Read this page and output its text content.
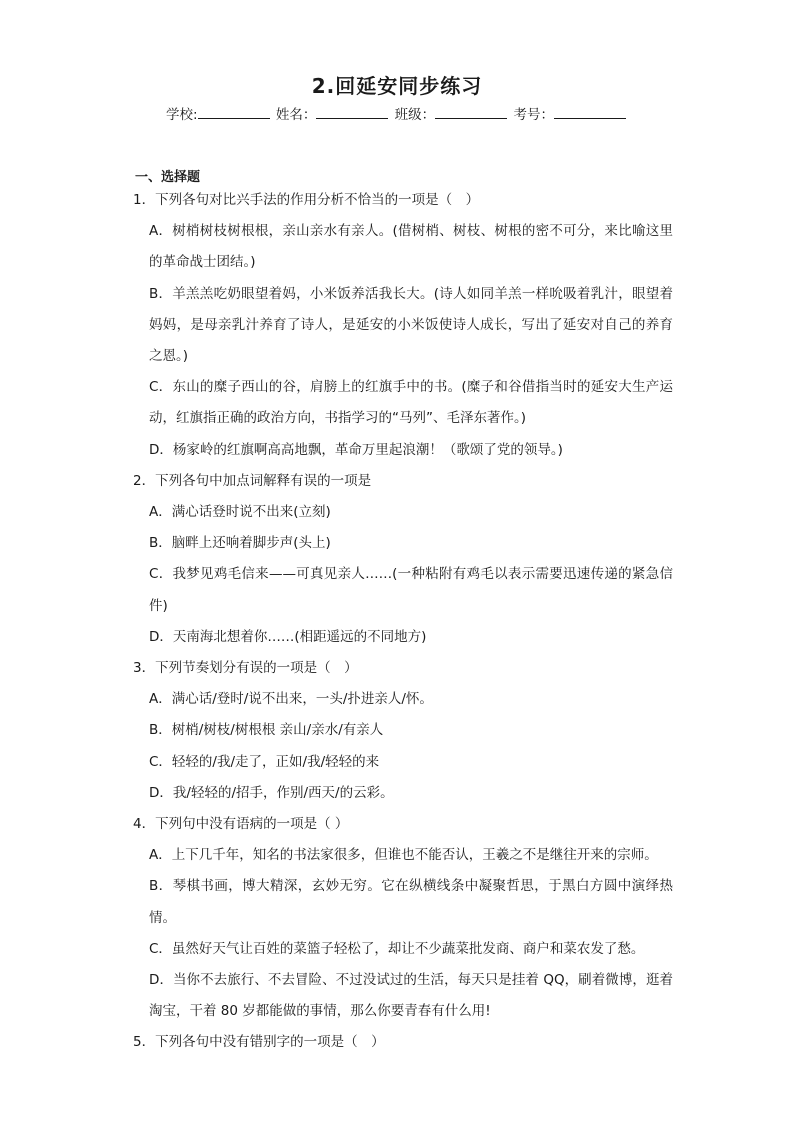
2.回延安同步练习
学校:	姓名：	班级：	考号：
一、选择题

1．下列各句对比兴手法的作用分析不恰当的一项是（　）

A．树梢树枝树根根，亲山亲水有亲人。(借树梢、树枝、树根的密不可分，来比喻这里的革命战士团结。)

B．羊羔羔吃奶眼望着妈，小米饭养活我长大。(诗人如同羊羔一样吮吸着乳汁，眼望着妈妈，是母亲乳汁养育了诗人，是延安的小米饭使诗人成长，写出了延安对自己的养育之恩。)

C．东山的糜子西山的谷，肩膀上的红旗手中的书。(糜子和谷借指当时的延安大生产运动，红旗指正确的政治方向，书指学习的“马列”、毛泽东著作。)

D．杨家岭的红旗啊高高地飘，革命万里起浪潮！（歌颂了党的领导。)

2．下列各句中加点词解释有误的一项是

A．满心话登时说不出来(立刻)

B．脑畔上还响着脚步声(头上)

C．我梦见鸡毛信来——可真见亲人……(一种粘附有鸡毛以表示需要迅速传递的紧急信件)

D．天南海北想着你……(相距遥远的不同地方)

3．下列节奏划分有误的一项是（　）

A．满心话/登时/说不出来，一头/扑进亲人/怀。

B．树梢/树枝/树根根 亲山/亲水/有亲人

C．轻轻的/我/走了，正如/我/轻轻的来

D．我/轻轻的/招手，作别/西天/的云彩。

4．下列句中没有语病的一项是（ ）

A．上下几千年，知名的书法家很多，但谁也不能否认，王羲之不是继往开来的宗师。

B．琴棋书画，博大精深，玄妙无穷。它在纵横线条中凝聚哲思，于黑白方圆中演绎热情。

C．虽然好天气让百姓的菜篮子轻松了，却让不少蔬菜批发商、商户和菜农发了愁。

D．当你不去旅行、不去冒险、不过没试过的生活，每天只是挂着 QQ，刷着微博，逛着淘宝，干着 80 岁都能做的事情，那么你要青春有什么用!

5．下列各句中没有错别字的一项是（　）
